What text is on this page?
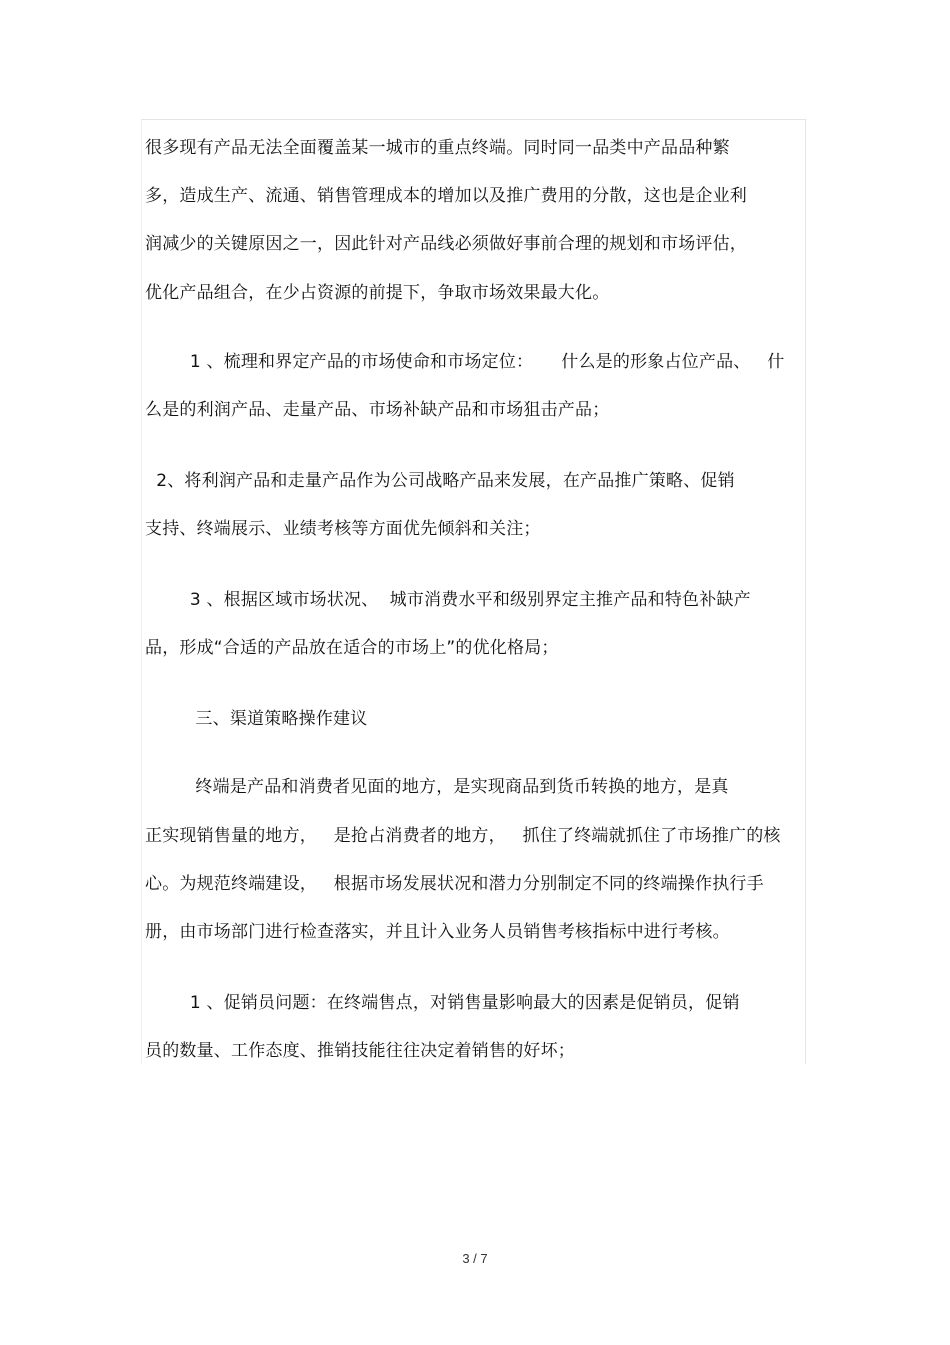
很多现有产品无法全面覆盖某一城市的重点终端。同时同一品类中产品品种繁
多，造成生产、流通、销售管理成本的增加以及推广费用的分散，这也是企业利
润减少的关键原因之一，因此针对产品线必须做好事前合理的规划和市场评估，
优化产品组合，在少占资源的前提下，争取市场效果最大化。
1 、梳理和界定产品的市场使命和市场定位：     什么是的形象占位产品、   什
么是的利润产品、走量产品、市场补缺产品和市场狙击产品；
2、将利润产品和走量产品作为公司战略产品来发展，在产品推广策略、促销
支持、终端展示、业绩考核等方面优先倾斜和关注；
3 、根据区域市场状况、  城市消费水平和级别界定主推产品和特色补缺产
品，形成“合适的产品放在适合的市场上”的优化格局；
三、渠道策略操作建议
终端是产品和消费者见面的地方，是实现商品到货币转换的地方，是真
正实现销售量的地方，   是抢占消费者的地方，   抓住了终端就抓住了市场推广的核
心。为规范终端建设，   根据市场发展状况和潜力分别制定不同的终端操作执行手
册，由市场部门进行检查落实，并且计入业务人员销售考核指标中进行考核。
1 、促销员问题：在终端售点，对销售量影响最大的因素是促销员，促销
员的数量、工作态度、推销技能往往决定着销售的好坏；
3 / 7
